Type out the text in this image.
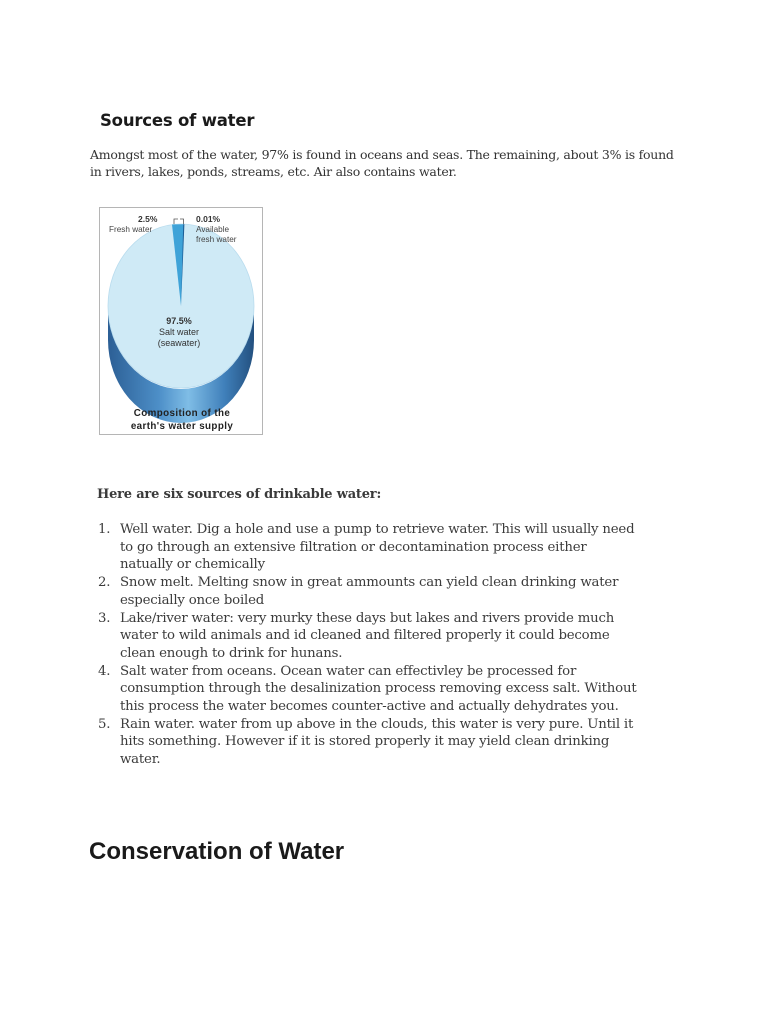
Sources of water

Amongst most of the water, 97% is found in oceans and seas. The remaining, about 3% is found in rivers, lakes, ponds, streams, etc. Air also contains water.

2.5%
Fresh water
0.01%
Available
fresh water
97.5%
Salt water
(seawater)
Composition of the
earth's water supply
Here are six sources of drinkable water:
1. Well water. Dig a hole and use a pump to retrieve water. This will usually need
to go through an extensive filtration or decontamination process either
natually or chemically
2. Snow melt. Melting snow in great ammounts can yield clean drinking water
especially once boiled
3. Lake/river water: very murky these days but lakes and rivers provide much
water to wild animals and id cleaned and filtered properly it could become
clean enough to drink for hunans.
4. Salt water from oceans. Ocean water can effectivley be processed for
consumption through the desalinization process removing excess salt. Without
this process the water becomes counter-active and actually dehydrates you.
5. Rain water. water from up above in the clouds, this water is very pure. Until it
hits something. However if it is stored properly it may yield clean drinking
water.
Conservation of Water
